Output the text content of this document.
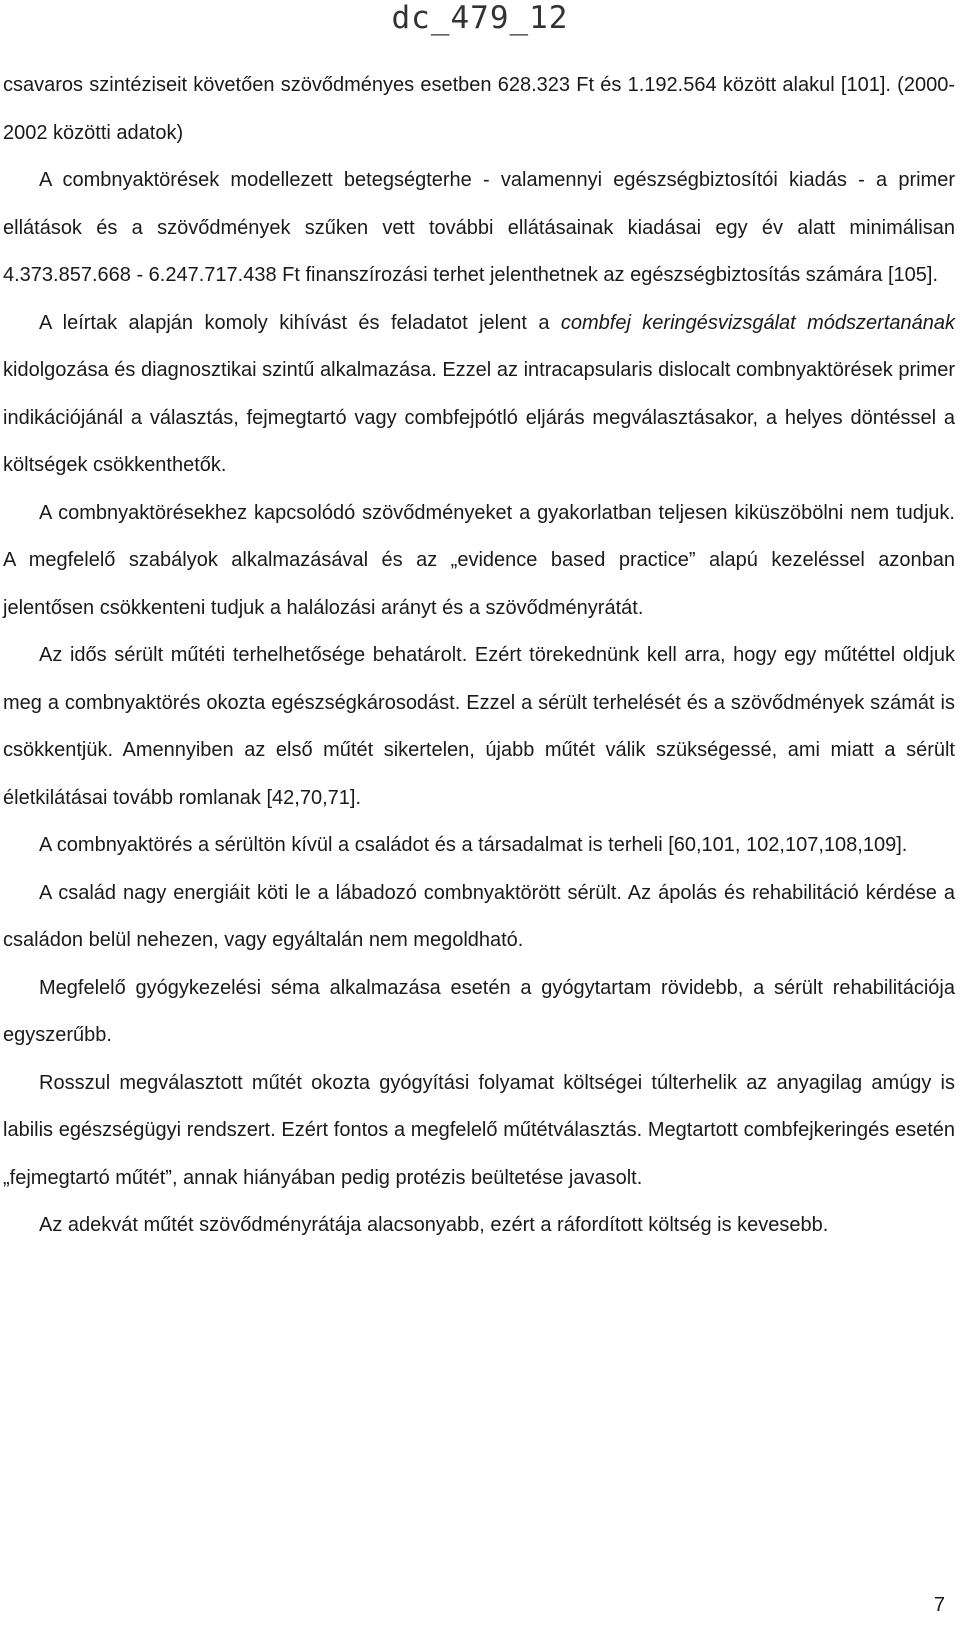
dc_479_12

csavaros szintéziseit követően szövődményes esetben 628.323 Ft és 1.192.564 között alakul [101]. (2000-2002 közötti adatok)

A combnyaktörések modellezett betegségterhe - valamennyi egészségbiztosítói kiadás - a primer ellátások és a szövődmények szűken vett további ellátásainak kiadásai egy év alatt minimálisan 4.373.857.668 - 6.247.717.438 Ft finanszírozási terhet jelenthetnek az egészségbiztosítás számára [105].

A leírtak alapján komoly kihívást és feladatot jelent a combfej keringésvizsgálat módszertanának kidolgozása és diagnosztikai szintű alkalmazása. Ezzel az intracapsularis dislocalt combnyaktörések primer indikációjánál a választás, fejmegtartó vagy combfejpótló eljárás megválasztásakor, a helyes döntéssel a költségek csökkenthetők.

A combnyaktörésekhez kapcsolódó szövődményeket a gyakorlatban teljesen kiküszöbölni nem tudjuk. A megfelelő szabályok alkalmazásával és az „evidence based practice” alapú kezeléssel azonban jelentősen csökkenteni tudjuk a halálozási arányt és a szövődményrátát.

Az idős sérült műtéti terhelhetősége behatárolt. Ezért törekednünk kell arra, hogy egy műtéttel oldjuk meg a combnyaktörés okozta egészségkárosodást. Ezzel a sérült terhelését és a szövődmények számát is csökkentjük. Amennyiben az első műtét sikertelen, újabb műtét válik szükségessé, ami miatt a sérült életkilátásai tovább romlanak [42,70,71].

A combnyaktörés a sérültön kívül a családot és a társadalmat is terheli [60,101, 102,107,108,109].

A család nagy energiáit köti le a lábadozó combnyaktörött sérült. Az ápolás és rehabilitáció kérdése a családon belül nehezen, vagy egyáltalán nem megoldható.

Megfelelő gyógykezelési séma alkalmazása esetén a gyógytartam rövidebb, a sérült rehabilitációja egyszerűbb.

Rosszul megválasztott műtét okozta gyógyítási folyamat költségei túlterhelik az anyagilag amúgy is labilis egészségügyi rendszert. Ezért fontos a megfelelő műtétválasztás. Megtartott combfejkeringés esetén „fejmegtartó műtét”, annak hiányában pedig protézis beültetése javasolt.

Az adekvát műtét szövődményrátája alacsonyabb, ezért a ráfordított költség is kevesebb.

7
